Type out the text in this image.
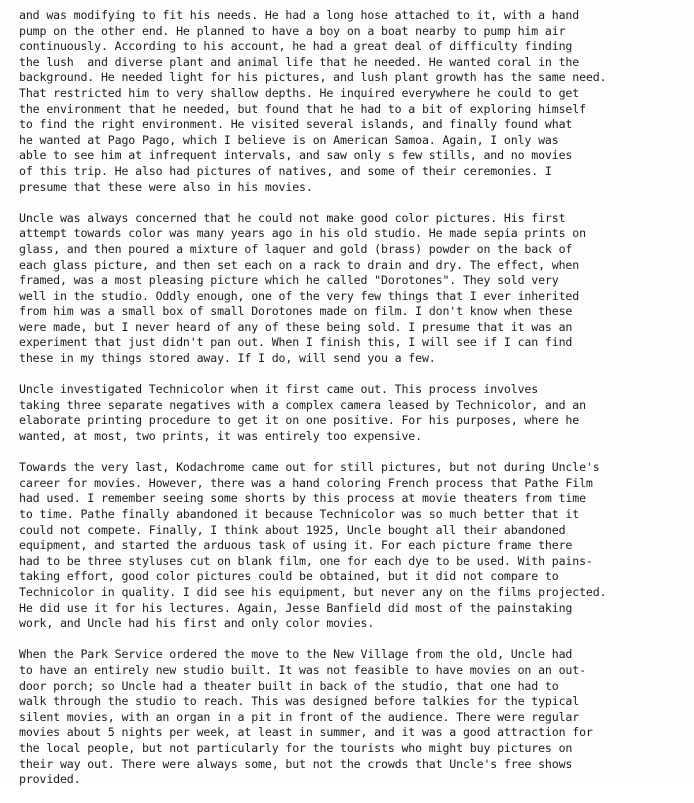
and was modifying to fit his needs. He had a long hose attached to it, with a hand
pump on the other end. He planned to have a boy on a boat nearby to pump him air
continuously. According to his account, he had a great deal of difficulty finding
the lush  and diverse plant and animal life that he needed. He wanted coral in the
background. He needed light for his pictures, and lush plant growth has the same need.
That restricted him to very shallow depths. He inquired everywhere he could to get
the environment that he needed, but found that he had to a bit of exploring himself
to find the right environment. He visited several islands, and finally found what
he wanted at Pago Pago, which I believe is on American Samoa. Again, I only was
able to see him at infrequent intervals, and saw only s few stills, and no movies
of this trip. He also had pictures of natives, and some of their ceremonies. I
presume that these were also in his movies.
Uncle was always concerned that he could not make good color pictures. His first
attempt towards color was many years ago in his old studio. He made sepia prints on
glass, and then poured a mixture of laquer and gold (brass) powder on the back of
each glass picture, and then set each on a rack to drain and dry. The effect, when
framed, was a most pleasing picture which he called "Dorotones". They sold very
well in the studio. Oddly enough, one of the very few things that I ever inherited
from him was a small box of small Dorotones made on film. I don't know when these
were made, but I never heard of any of these being sold. I presume that it was an
experiment that just didn't pan out. When I finish this, I will see if I can find
these in my things stored away. If I do, will send you a few.
Uncle investigated Technicolor when it first came out. This process involves
taking three separate negatives with a complex camera leased by Technicolor, and an
elaborate printing procedure to get it on one positive. For his purposes, where he
wanted, at most, two prints, it was entirely too expensive.
Towards the very last, Kodachrome came out for still pictures, but not during Uncle's
career for movies. However, there was a hand coloring French process that Pathe Film
had used. I remember seeing some shorts by this process at movie theaters from time
to time. Pathe finally abandoned it because Technicolor was so much better that it
could not compete. Finally, I think about 1925, Uncle bought all their abandoned
equipment, and started the arduous task of using it. For each picture frame there
had to be three styluses cut on blank film, one for each dye to be used. With pains-
taking effort, good color pictures could be obtained, but it did not compare to
Technicolor in quality. I did see his equipment, but never any on the films projected.
He did use it for his lectures. Again, Jesse Banfield did most of the painstaking
work, and Uncle had his first and only color movies.
When the Park Service ordered the move to the New Village from the old, Uncle had
to have an entirely new studio built. It was not feasible to have movies on an out-
door porch; so Uncle had a theater built in back of the studio, that one had to
walk through the studio to reach. This was designed before talkies for the typical
silent movies, with an organ in a pit in front of the audience. There were regular
movies about 5 nights per week, at least in summer, and it was a good attraction for
the local people, but not particularly for the tourists who might buy pictures on
their way out. There were always some, but not the crowds that Uncle's free shows
provided.
